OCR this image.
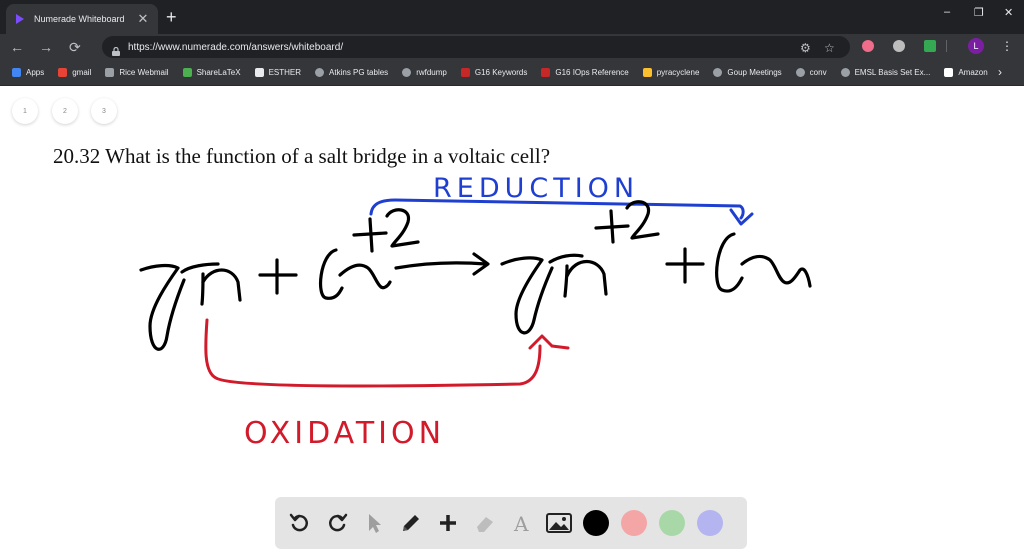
Numerade Whiteboard	✕ +	– ❐ ✕
← → ⟳	https://www.numerade.com/answers/whiteboard/	⚙ ☆	L	⋮
Apps	gmail	Rice Webmail	ShareLaTeX	ESTHER	Atkins PG tables	rwfdump	G16 Keywords	G16 IOps Reference	pyracyclene	Goup Meetings	conv	EMSL Basis Set Ex...	Amazon ›
1	2	3
20.32 What is the function of a salt bridge in a voltaic cell?
REDUCTION
OXIDATION
A
